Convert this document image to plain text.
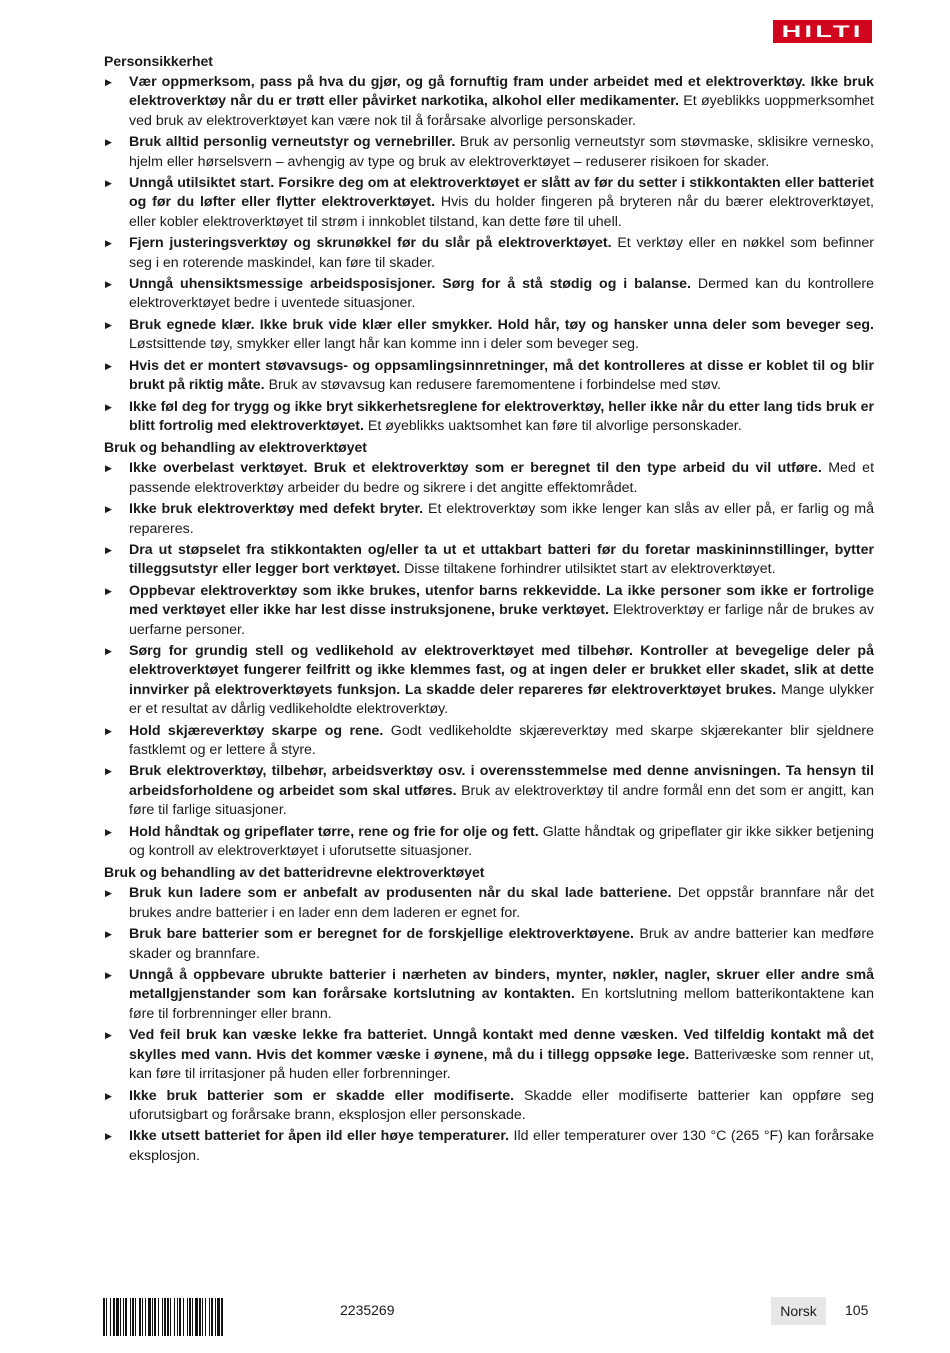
HILTI
Personsikkerhet
▶ Vær oppmerksom, pass på hva du gjør, og gå fornuftig fram under arbeidet med et elektroverktøy. Ikke bruk elektroverktøy når du er trøtt eller påvirket narkotika, alkohol eller medikamenter. Et øyeblikks uoppmerksomhet ved bruk av elektroverktøyet kan være nok til å forårsake alvorlige personskader.
▶ Bruk alltid personlig verneutstyr og vernebriller. Bruk av personlig verneutstyr som støvmaske, sklisikre vernesko, hjelm eller hørselsvern – avhengig av type og bruk av elektroverktøyet – reduserer risikoen for skader.
▶ Unngå utilsiktet start. Forsikre deg om at elektroverktøyet er slått av før du setter i stikkontakten eller batteriet og før du løfter eller flytter elektroverktøyet. Hvis du holder fingeren på bryteren når du bærer elektroverktøyet, eller kobler elektroverktøyet til strøm i innkoblet tilstand, kan dette føre til uhell.
▶ Fjern justeringsverktøy og skrunøkkel før du slår på elektroverktøyet. Et verktøy eller en nøkkel som befinner seg i en roterende maskindel, kan føre til skader.
▶ Unngå uhensiktsmessige arbeidsposisjoner. Sørg for å stå stødig og i balanse. Dermed kan du kontrollere elektroverktøyet bedre i uventede situasjoner.
▶ Bruk egnede klær. Ikke bruk vide klær eller smykker. Hold hår, tøy og hansker unna deler som beveger seg. Løstsittende tøy, smykker eller langt hår kan komme inn i deler som beveger seg.
▶ Hvis det er montert støvavsugs- og oppsamlingsinnretninger, må det kontrolleres at disse er koblet til og blir brukt på riktig måte. Bruk av støvavsug kan redusere faremomentene i forbindelse med støv.
▶ Ikke føl deg for trygg og ikke bryt sikkerhetsreglene for elektroverktøy, heller ikke når du etter lang tids bruk er blitt fortrolig med elektroverktøyet. Et øyeblikks uaktsomhet kan føre til alvorlige personskader.
Bruk og behandling av elektroverktøyet
▶ Ikke overbelast verktøyet. Bruk et elektroverktøy som er beregnet til den type arbeid du vil utføre. Med et passende elektroverktøy arbeider du bedre og sikrere i det angitte effektområdet.
▶ Ikke bruk elektroverktøy med defekt bryter. Et elektroverktøy som ikke lenger kan slås av eller på, er farlig og må repareres.
▶ Dra ut støpselet fra stikkontakten og/eller ta ut et uttakbart batteri før du foretar maskininnstillinger, bytter tilleggsutstyr eller legger bort verktøyet. Disse tiltakene forhindrer utilsiktet start av elektroverktøyet.
▶ Oppbevar elektroverktøy som ikke brukes, utenfor barns rekkevidde. La ikke personer som ikke er fortrolige med verktøyet eller ikke har lest disse instruksjonene, bruke verktøyet. Elektroverktøy er farlige når de brukes av uerfarne personer.
▶ Sørg for grundig stell og vedlikehold av elektroverktøyet med tilbehør. Kontroller at bevegelige deler på elektroverktøyet fungerer feilfritt og ikke klemmes fast, og at ingen deler er brukket eller skadet, slik at dette innvirker på elektroverktøyets funksjon. La skadde deler repareres før elektroverktøyet brukes. Mange ulykker er et resultat av dårlig vedlikeholdte elektroverktøy.
▶ Hold skjæreverktøy skarpe og rene. Godt vedlikeholdte skjæreverktøy med skarpe skjærekanter blir sjeldnere fastklemt og er lettere å styre.
▶ Bruk elektroverktøy, tilbehør, arbeidsverktøy osv. i overensstemmelse med denne anvisningen. Ta hensyn til arbeidsforholdene og arbeidet som skal utføres. Bruk av elektroverktøy til andre formål enn det som er angitt, kan føre til farlige situasjoner.
▶ Hold håndtak og gripeflater tørre, rene og frie for olje og fett. Glatte håndtak og gripeflater gir ikke sikker betjening og kontroll av elektroverktøyet i uforutsette situasjoner.
Bruk og behandling av det batteridrevne elektroverktøyet
▶ Bruk kun ladere som er anbefalt av produsenten når du skal lade batteriene. Det oppstår brannfare når det brukes andre batterier i en lader enn dem laderen er egnet for.
▶ Bruk bare batterier som er beregnet for de forskjellige elektroverktøyene. Bruk av andre batterier kan medføre skader og brannfare.
▶ Unngå å oppbevare ubrukte batterier i nærheten av binders, mynter, nøkler, nagler, skruer eller andre små metallgjenstander som kan forårsake kortslutning av kontakten. En kortslutning mellom batterikontaktene kan føre til forbrenninger eller brann.
▶ Ved feil bruk kan væske lekke fra batteriet. Unngå kontakt med denne væsken. Ved tilfeldig kontakt må det skylles med vann. Hvis det kommer væske i øynene, må du i tillegg oppsøke lege. Batterivæske som renner ut, kan føre til irritasjoner på huden eller forbrenninger.
▶ Ikke bruk batterier som er skadde eller modifiserte. Skadde eller modifiserte batterier kan oppføre seg uforutsigbart og forårsake brann, eksplosjon eller personskade.
▶ Ikke utsett batteriet for åpen ild eller høye temperaturer. Ild eller temperaturer over 130 °C (265 °F) kan forårsake eksplosjon.
2235269	Norsk	105
